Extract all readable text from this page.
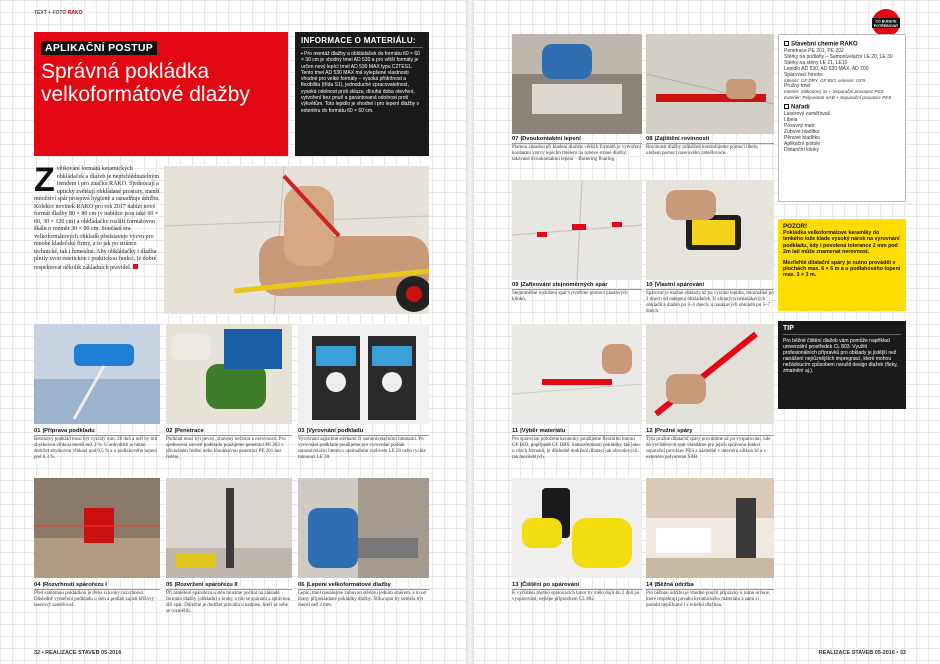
TEXT + FOTO RAKO
APLIKAČNÍ POSTUP
Správná pokládka
velkoformátové dlažby
INFORMACE O MATERIÁLU:

▪ Pro montáž dlažby a obkládaček do formátu 60 × 60 × 30 cm je vhodný tmel AD 530 a pro větší formáty je určen nový lepící tmel AD 530 MAX typu C2TES1. Tento tmel AD 530 MAX má vylepšené vlastnosti vhodné pro velké formáty – vysoká přídržnost a flexibilita (třída S1), jednoduché zpracovatelnost, vysoká odolnost proti skluzu, dlouhá doba otevření, vytvoření bez pnutí a garantovaná odolnost proti výkvětům. Toto lepidlo je vhodné i pro lepení dlažby v exteriéru do formátu 60 × 60 cm.

Zvětšování formátů keramických obkládaček a dlažeb je nepřehlédnutelným trendem i pro značku RAKO. Sjednocují a opticky zvětšují obkládané prostory, menší množství spár prospívá hygieně a usnadňuje údržbu. Kolekce novinek RAKO pro rok 2017 nabízí nové formát dlažby 80 × 80 cm (v nabídce jsou také 60 × 60, 30 × 120 cm) a obkládačky rozšíří formátovou škálu o rozměr 30 × 90 cm. Součástí éra velkoformátových obkladů představuje výzvu pro mnohé kladečské firmy, a to jak po stránce technické, tak i řemeslné. Aby obkládačky i dlažba plnily svou estetickou i praktickou funkci, je dobré respektovat několik základních pravidel.
01 |Příprava podkladu
Betonový podklad musí být vyzrálý min. 28 dnů a měl by mít zbytkovou vlhkost menší než 3 %. U anhydritů je nutno dodržet zbytkovou vlhkost pod 0,5 % a u podlahového topení pod 0,3 %.
02 |Penetrace
Podklad musí být pevný, zbavený nečistot a nerovností. Pro sjednocení savosti podkladu použijeme penetraci PE 202 v příslušném ředění nebo hloubkovou penetraci PE 201 bez ředění.
03 |Vyrovnání podkladu
Vyrovnání zajistíme stěrkami či samonivelačními hmotami. Po vyrovnání podkladu použijeme pro vyrovnání podlah samonivelační hmotu s optimálním rozlivem LE 20 nebo rychle tuhnoucí LE 30.
04 |Rozvrhnutí spárořezu I
Před samotnou pokládkou je třeba si kroky rozvrhnout. Důsledně vyměření podkladu u stěn a podlah zajistí křížový laserový zaměřovač.
05 |Rozvržení spárořezu II
Při zaměření spárořezu u stěn musíme počítat na základě formátu dlažby (obkladu) s kroky a tím se spárami a správnou šíří spár. Důležité je dodržet pravidla u nadpisu, kteří ze sebe se rozměřili.
06 |Lepení velkoformátové dlažby
Lepící tmel nanášejme zubovou stěrkou jedním směrem, a to od hrany připokládané pokládky dlažby. Šířka spár by neměla být menší než 2 mm.
32 • REALIZACE STAVEB 05-2016
07 |Dvoukontaktní lepení
Platnou zásadou při kladení dlaždic větších formátů je vytvoření kontaktní vrstvy lepícím tmelem na rubové straně dlažby, takzvané dvoukontaktní lepení – Buttering floating.
08 |Zajištění rovinnosti
Rovinnost dlažby průběžně kontrolujeme pomocí libely, uložení pomocí laserového zaměřovače.
09 |Zafixování stejnoměrných spár
Stejnoměrné rozložení spár vytvoříme pomocí plastových klínků.
10 |Vlastní spárování
Spárovat je možné obklady až po vyzrání lepidla, minimálně po 2 dnech od nalepení obkládaček. U slinutých nenasákavých obkladů a dlažeb po 3–4 dnech, u nasákavých obkladů po 5–7 dnech.
11 |Výběr materiálu
Pro spárování položené keramiky použijeme flexibilní hmotu GF BIO, popřípadě GF DRY. Samozřejmostí pokládky, tak jako u všech formátů, je důsledné dodržení dilatací jak obvodových, tak mezilehlých.
12 |Pružné spáry
Tyto pružné dilatační spáry provádíme až po vyspárování, kde do vyčištěných spár vkládáme pro jejich správnou funkci separační provazec PES a následně v interiéru silikon SI a v exteriéru polyuretan SAB.
13 |Čištění po spárování
K vyčištění zbytků spárovacích hmot by mělo dojít do 2 dnů po vyspárování, nejlépe přípravkem CL 802.
14 |Běžná údržba
Pro běžnou údržbu je vhodné použít přípravky k tomu určené, které respektují povahu keramického materiálu a sami si poradit nepřilnavé i s reliéfní dlažbou.
CO BUDETE
POTŘEBOVAT
Stavební chemie RAKO

Penetrace PE 201, PE 202

Stěrky na podlahy – Samonivelační LE 20, LE 30

Stěrky na stěny LE 21, LE10

Lepidlo AD 530, AD 530 MAX, AD 700

Spárovací hmota:

Interiér: GF DRY, GF BIO; exteriér: GFS

Pružný tmel:

Interiér: Silikonový SI + Separační provazec PES

Exteriér: Polyuretan SAB + Separační provazec PES

Nářadí

Laserový zaměřovač

Libela

Posuvný metr

Zubové hladítko

Pěnové hladítko

Aplikační pistole

Distanční klínky

POZOR!

Pokládka velkoformátové keramiky do tenkého lože klade vysoký nárok na vyrovnání podkladu, kdy i povolená tolerance 2 mm pod 2m latí může znamenat nerovnost.

Mezilehlé dilatační spáry je nutno provádět v plochách max. 6 × 6 m a u podlahového topení max. 3 × 3 m.

TIP

Pro běžné čištění dlažeb vám pomůže například univerzální prostředek CL 803. Využití profesionálních přípravků pro obklady je jistější než nanášení nejrůznějších impregnací, které mohou nežádoucím způsobem narušit design dlažeb (fleky, zmatnění aj.).

REALIZACE STAVEB 05-2016 • 33
